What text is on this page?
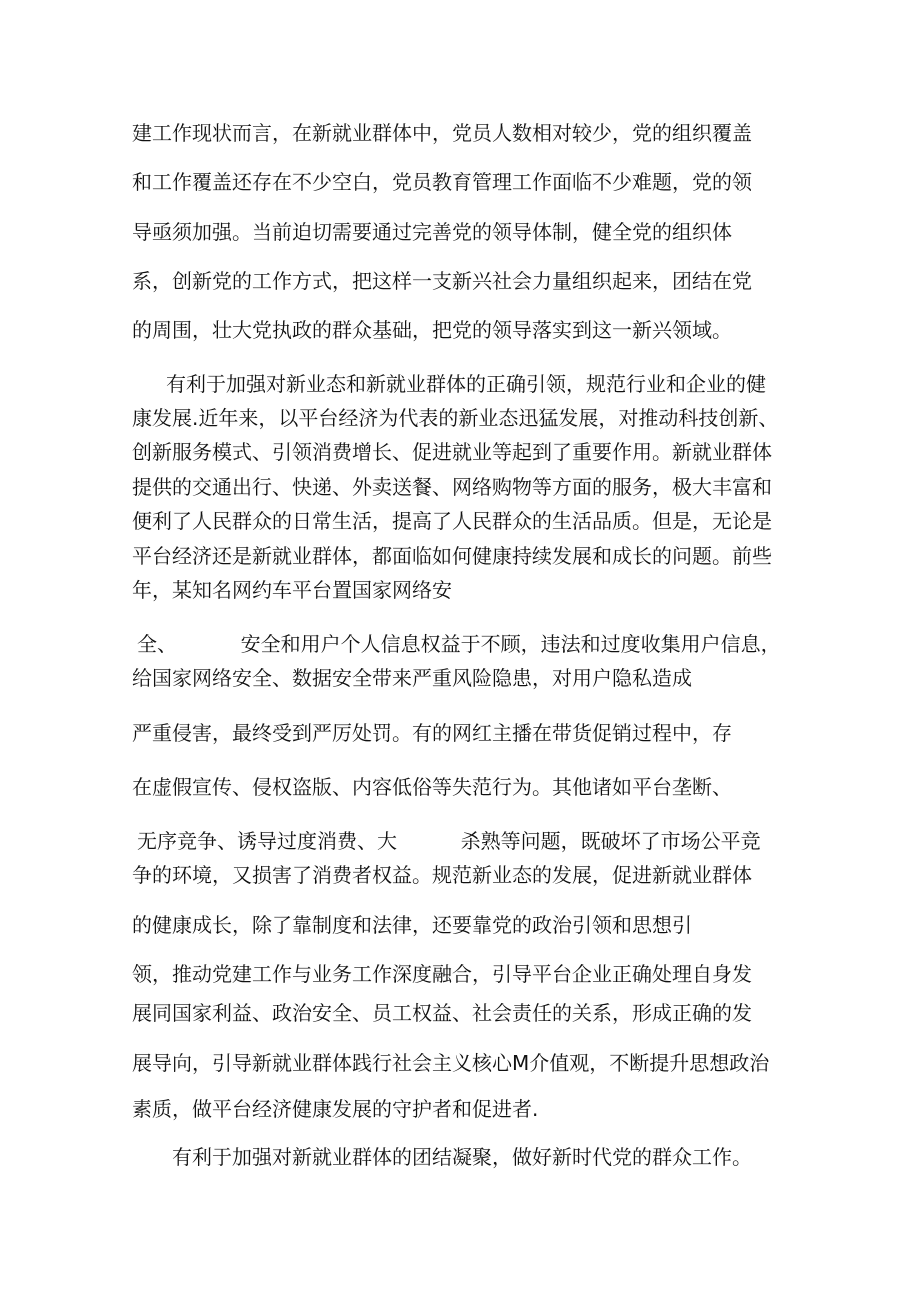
建工作现状而言，在新就业群体中，党员人数相对较少，党的组织覆盖
和工作覆盖还存在不少空白，党员教育管理工作面临不少难题，党的领
导亟须加强。当前迫切需要通过完善党的领导体制，健全党的组织体
系，创新党的工作方式，把这样一支新兴社会力量组织起来，团结在党
的周围，壮大党执政的群众基础，把党的领导落实到这一新兴领域。
有利于加强对新业态和新就业群体的正确引领，规范行业和企业的健
康发展.近年来，以平台经济为代表的新业态迅猛发展，对推动科技创新、
创新服务模式、引领消费增长、促进就业等起到了重要作用。新就业群体
提供的交通出行、快递、外卖送餐、网络购物等方面的服务，极大丰富和
便利了人民群众的日常生活，提高了人民群众的生活品质。但是，无论是
平台经济还是新就业群体，都面临如何健康持续发展和成长的问题。前些
年，某知名网约车平台置国家网络安
全、          安全和用户个人信息权益于不顾，违法和过度收集用户信息，
给国家网络安全、数据安全带来严重风险隐患，对用户隐私造成
严重侵害，最终受到严厉处罚。有的网红主播在带货促销过程中，存
在虚假宣传、侵权盗版、内容低俗等失范行为。其他诸如平台垄断、
无序竞争、诱导过度消费、大          杀熟等问题，既破坏了市场公平竞
争的环境，又损害了消费者权益。规范新业态的发展，促进新就业群体
的健康成长，除了靠制度和法律，还要靠党的政治引领和思想引
领，推动党建工作与业务工作深度融合，引导平台企业正确处理自身发
展同国家利益、政治安全、员工权益、社会责任的关系，形成正确的发
展导向，引导新就业群体践行社会主义核心M介值观，不断提升思想政治
素质，做平台经济健康发展的守护者和促进者.
有利于加强对新就业群体的团结凝聚，做好新时代党的群众工作。
